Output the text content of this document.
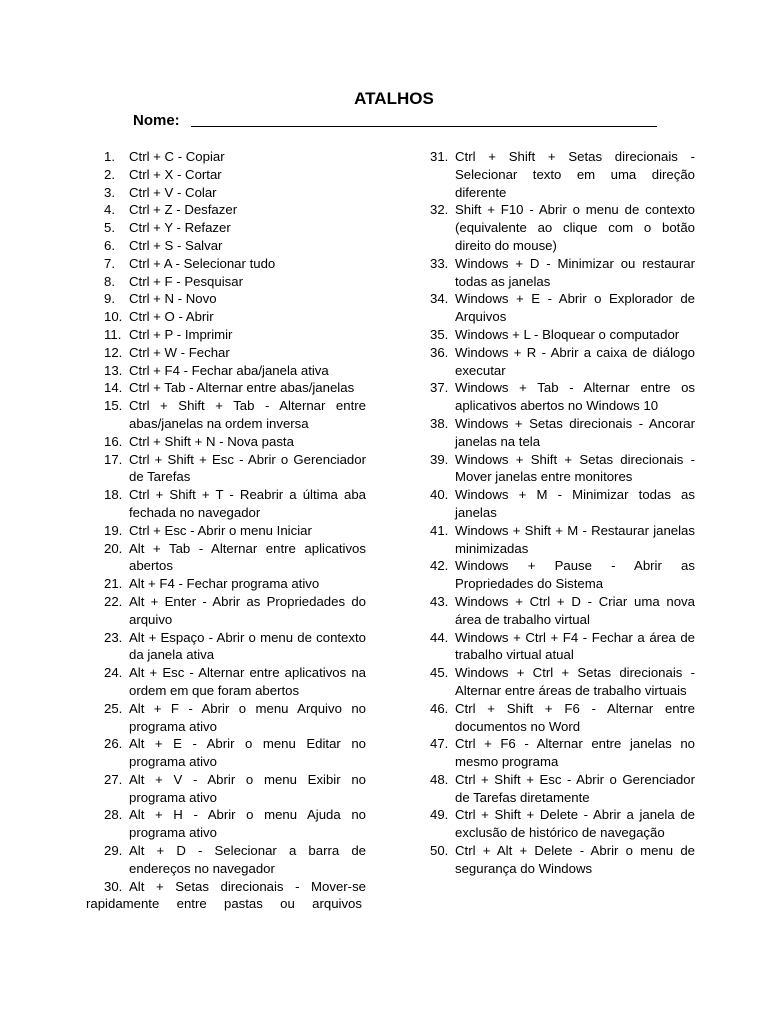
ATALHOS
Nome:
1.	Ctrl + C - Copiar
2.	Ctrl + X - Cortar
3.	Ctrl + V - Colar
4.	Ctrl + Z - Desfazer
5.	Ctrl + Y - Refazer
6.	Ctrl + S - Salvar
7.	Ctrl + A - Selecionar tudo
8.	Ctrl + F - Pesquisar
9.	Ctrl + N - Novo
10. Ctrl + O - Abrir
11. Ctrl + P - Imprimir
12. Ctrl + W - Fechar
13. Ctrl + F4 - Fechar aba/janela ativa
14. Ctrl + Tab - Alternar entre abas/janelas
15. Ctrl + Shift + Tab - Alternar entre abas/janelas na ordem inversa
16. Ctrl + Shift + N - Nova pasta
17. Ctrl + Shift + Esc - Abrir o Gerenciador de Tarefas
18. Ctrl + Shift + T - Reabrir a última aba fechada no navegador
19. Ctrl + Esc - Abrir o menu Iniciar
20. Alt + Tab - Alternar entre aplicativos abertos
21. Alt + F4 - Fechar programa ativo
22. Alt + Enter - Abrir as Propriedades do arquivo
23. Alt + Espaço - Abrir o menu de contexto da janela ativa
24. Alt + Esc - Alternar entre aplicativos na ordem em que foram abertos
25. Alt + F - Abrir o menu Arquivo no programa ativo
26. Alt + E - Abrir o menu Editar no programa ativo
27. Alt + V - Abrir o menu Exibir no programa ativo
28. Alt + H - Abrir o menu Ajuda no programa ativo
29. Alt + D - Selecionar a barra de endereços no navegador
30. Alt + Setas direcionais - Mover-se
rapidamente entre pastas ou arquivos
31. Ctrl + Shift + Setas direcionais - Selecionar texto em uma direção diferente
32. Shift + F10 - Abrir o menu de contexto (equivalente ao clique com o botão direito do mouse)
33. Windows + D - Minimizar ou restaurar todas as janelas
34. Windows + E - Abrir o Explorador de Arquivos
35. Windows + L - Bloquear o computador
36. Windows + R - Abrir a caixa de diálogo executar
37. Windows + Tab - Alternar entre os aplicativos abertos no Windows 10
38. Windows + Setas direcionais - Ancorar janelas na tela
39. Windows + Shift + Setas direcionais - Mover janelas entre monitores
40. Windows + M - Minimizar todas as janelas
41. Windows + Shift + M - Restaurar janelas minimizadas
42. Windows + Pause - Abrir as Propriedades do Sistema
43. Windows + Ctrl + D - Criar uma nova área de trabalho virtual
44. Windows + Ctrl + F4 - Fechar a área de trabalho virtual atual
45. Windows + Ctrl + Setas direcionais - Alternar entre áreas de trabalho virtuais
46. Ctrl + Shift + F6 - Alternar entre documentos no Word
47. Ctrl + F6 - Alternar entre janelas no mesmo programa
48. Ctrl + Shift + Esc - Abrir o Gerenciador de Tarefas diretamente
49. Ctrl + Shift + Delete - Abrir a janela de exclusão de histórico de navegação
50. Ctrl + Alt + Delete - Abrir o menu de segurança do Windows
